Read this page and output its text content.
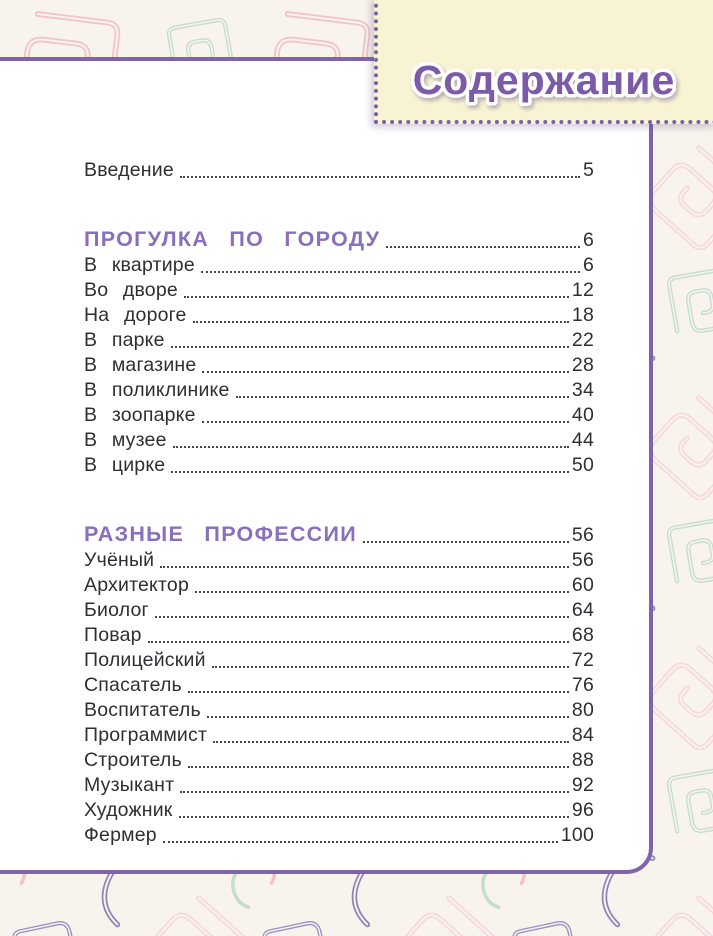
Введение	5
ПРОГУЛКА ПО ГОРОДУ	6
В квартире	6
Во дворе	12
На дороге	18
В парке	22
В магазине	28
В поликлинике	34
В зоопарке	40
В музее	44
В цирке	50
РАЗНЫЕ ПРОФЕССИИ	56
Учёный	56
Архитектор	60
Биолог	64
Повар	68
Полицейский	72
Спасатель	76
Воспитатель	80
Программист	84
Строитель	88
Музыкант	92
Художник	96
Фермер	100
Содержание
